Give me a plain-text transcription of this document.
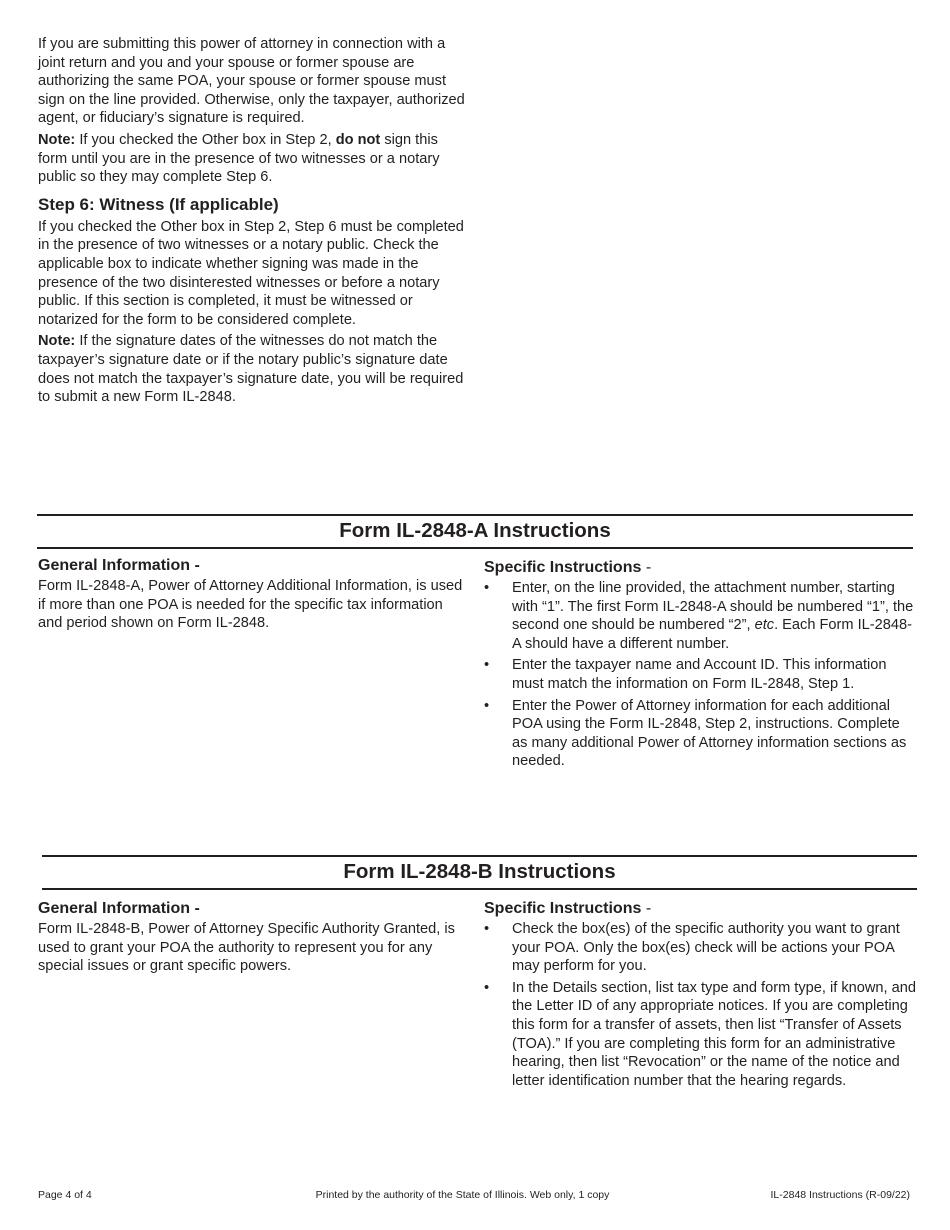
If you are submitting this power of attorney in connection with a joint return and you and your spouse or former spouse are authorizing the same POA, your spouse or former spouse must sign on the line provided. Otherwise, only the taxpayer, authorized agent, or fiduciary’s signature is required.

Note: If you checked the Other box in Step 2, do not sign this form until you are in the presence of two witnesses or a notary public so they may complete Step 6.

Step 6: Witness (If applicable)

If you checked the Other box in Step 2, Step 6 must be completed in the presence of two witnesses or a notary public. Check the applicable box to indicate whether signing was made in the presence of the two disinterested witnesses or before a notary public. If this section is completed, it must be witnessed or notarized for the form to be considered complete.

Note: If the signature dates of the witnesses do not match the taxpayer’s signature date or if the notary public’s signature date does not match the taxpayer’s signature date, you will be required to submit a new Form IL-2848.

Form IL-2848-A Instructions
General Information -

Form IL-2848-A, Power of Attorney Additional Information, is used if more than one POA is needed for the specific tax information and period shown on Form IL-2848.

Specific Instructions -
• Enter, on the line provided, the attachment number, starting with “1”. The first Form IL-2848-A should be numbered “1”, the second one should be numbered “2”, etc. Each Form IL-2848-A should have a different number.
• Enter the taxpayer name and Account ID. This information must match the information on Form IL-2848, Step 1.
• Enter the Power of Attorney information for each additional POA using the Form IL-2848, Step 2, instructions. Complete as many additional Power of Attorney information sections as needed.
Form IL-2848-B Instructions
General Information -

Form IL-2848-B, Power of Attorney Specific Authority Granted, is used to grant your POA the authority to represent you for any special issues or grant specific powers.

Specific Instructions -
• Check the box(es) of the specific authority you want to grant your POA. Only the box(es) check will be actions your POA may perform for you.
• In the Details section, list tax type and form type, if known, and the Letter ID of any appropriate notices. If you are completing this form for a transfer of assets, then list “Transfer of Assets (TOA).” If you are completing this form for an administrative hearing, then list “Revocation” or the name of the notice and letter identification number that the hearing regards.
Page 4 of 4	Printed by the authority of the State of Illinois. Web only, 1 copy	IL-2848 Instructions (R-09/22)
